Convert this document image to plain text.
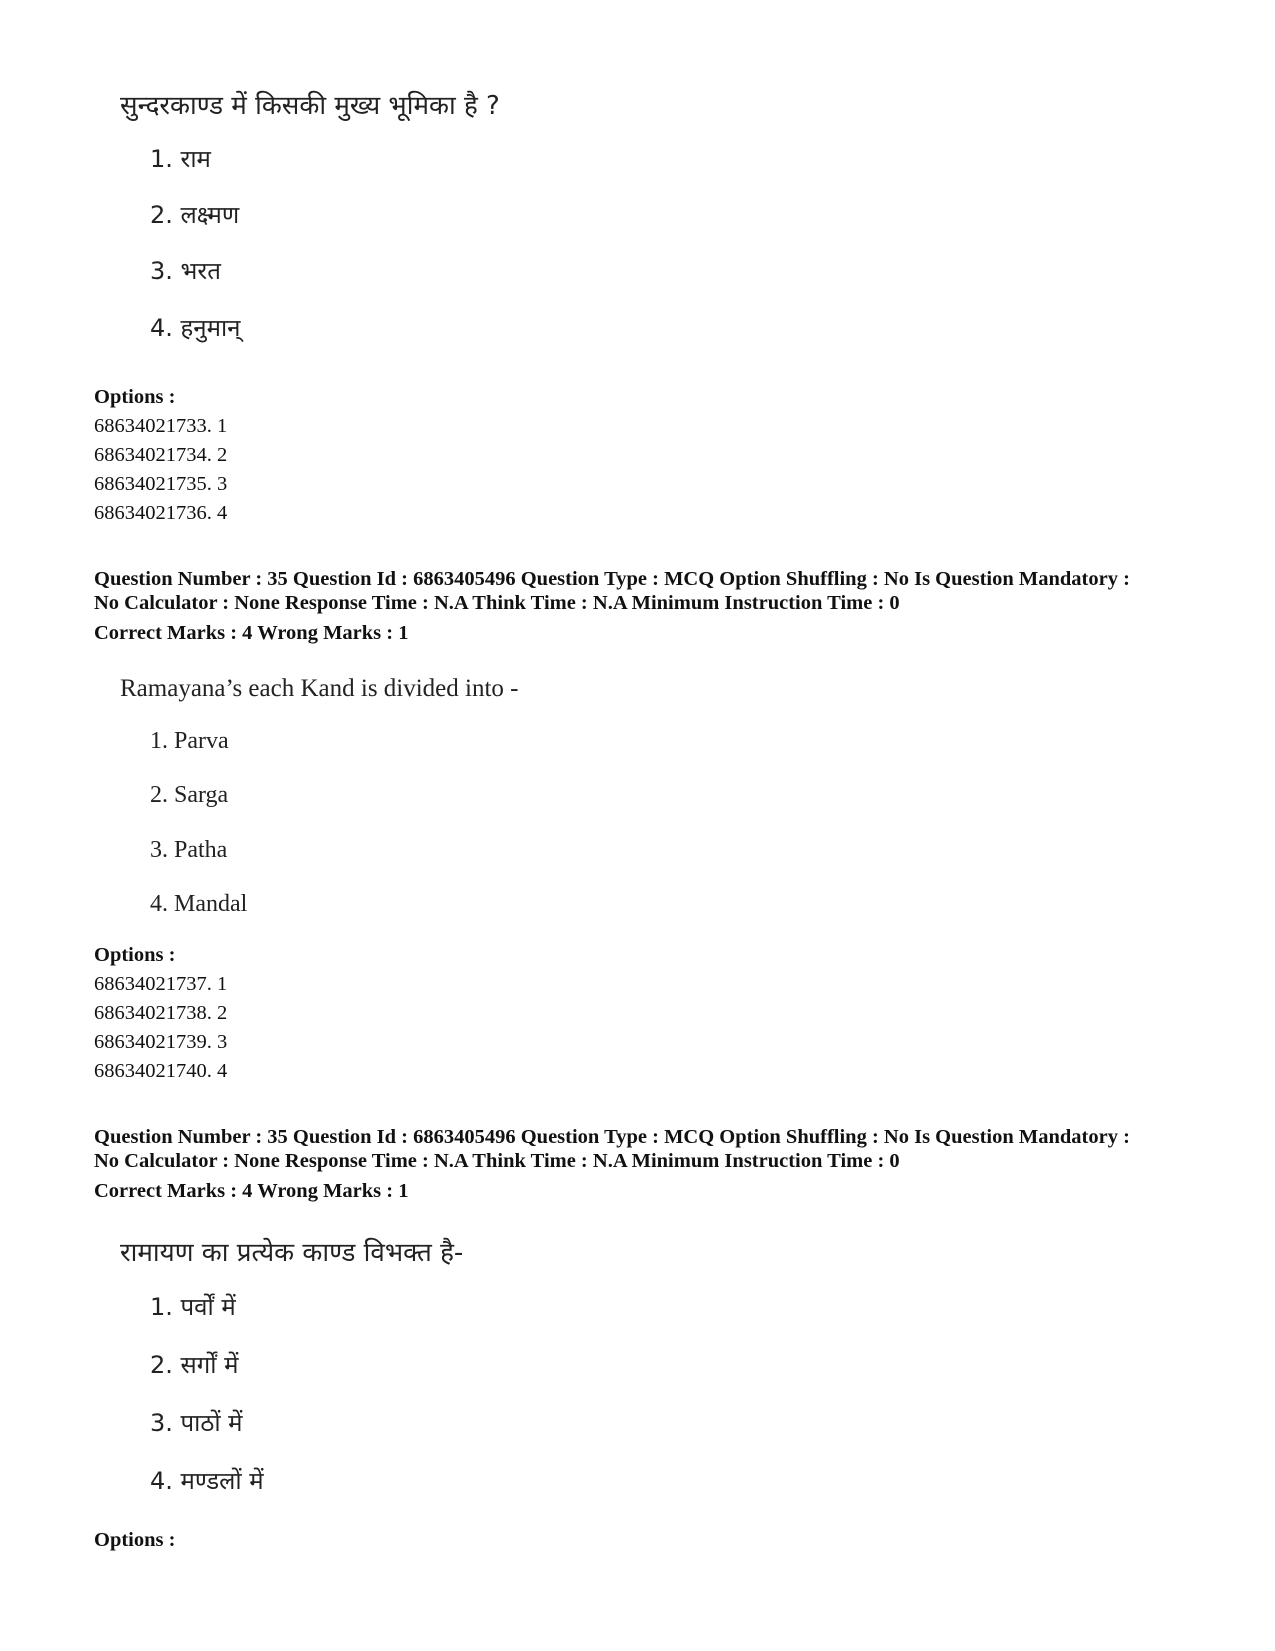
सुन्दरकाण्ड में किसकी मुख्य भूमिका है ?
1. राम
2. लक्ष्मण
3. भरत
4. हनुमान्
Options :
68634021733. 1
68634021734. 2
68634021735. 3
68634021736. 4
Question Number : 35 Question Id : 6863405496 Question Type : MCQ Option Shuffling : No Is Question Mandatory :
No Calculator : None Response Time : N.A Think Time : N.A Minimum Instruction Time : 0
Correct Marks : 4 Wrong Marks : 1
Ramayana’s each Kand is divided into -
1. Parva
2. Sarga
3. Patha
4. Mandal
Options :
68634021737. 1
68634021738. 2
68634021739. 3
68634021740. 4
Question Number : 35 Question Id : 6863405496 Question Type : MCQ Option Shuffling : No Is Question Mandatory :
No Calculator : None Response Time : N.A Think Time : N.A Minimum Instruction Time : 0
Correct Marks : 4 Wrong Marks : 1
रामायण का प्रत्येक काण्ड विभक्त है-
1. पर्वों में
2. सर्गों में
3. पाठों में
4. मण्डलों में
Options :
